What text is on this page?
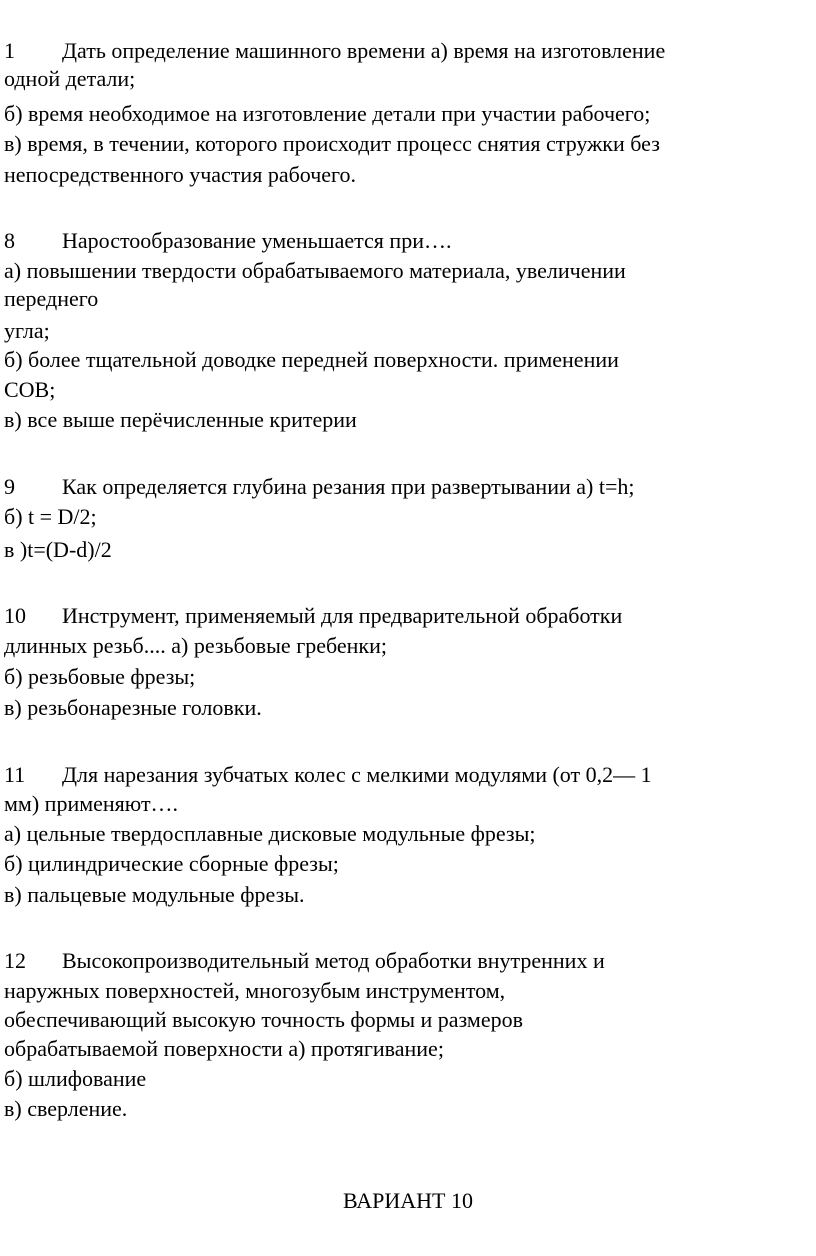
1 Дать определение машинного времени а) время на изготовление
одной детали;
б) время необходимое на изготовление детали при участии рабочего;
в) время, в течении, которого происходит процесс снятия стружки без
непосредственного участия рабочего.
8 Наростообразование уменьшается при….
а) повышении твердости обрабатываемого материала, увеличении
переднего
угла;
б) более тщательной доводке передней поверхности. применении
СОВ;
в) все выше перёчисленные критерии
9 Как определяется глубина резания при развертывании а) t=h;
б) t = D/2;
в )t=(D-d)/2
10 Инструмент, применяемый для предварительной обработки
длинных резьб.... а) резьбовые гребенки;
б) резьбовые фрезы;
в) резьбонарезные головки.
11 Для нарезания зубчатых колес с мелкими модулями (от 0,2— 1
мм) применяют….
а) цельные твердосплавные дисковые модульные фрезы;
б) цилиндрические сборные фрезы;
в) пальцевые модульные фрезы.
12 Высокопроизводительный метод обработки внутренних и
наружных поверхностей, многозубым инструментом,
обеспечивающий высокую точность формы и размеров
обрабатываемой поверхности а) протягивание;
б) шлифование
в) сверление.
ВАРИАНТ 10
